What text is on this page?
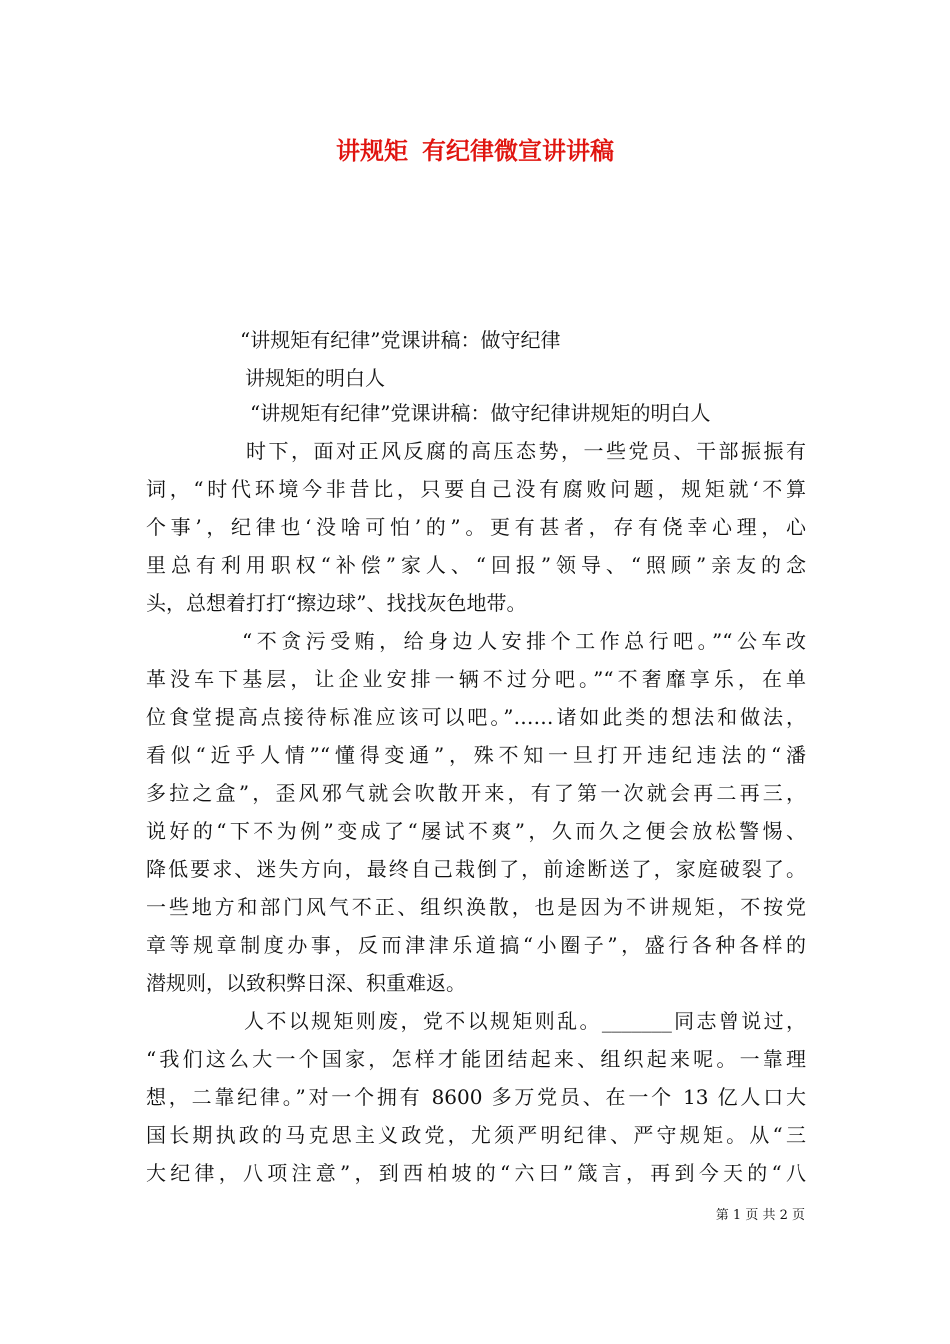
讲规矩 有纪律微宣讲讲稿
“讲规矩有纪律”党课讲稿：做守纪律
讲规矩的明白人
“讲规矩有纪律”党课讲稿：做守纪律讲规矩的明白人
时下，面对正风反腐的高压态势，一些党员、干部振振有
词，“时代环境今非昔比，只要自己没有腐败问题，规矩就‘不算
个事’，纪律也‘没啥可怕’的”。更有甚者，存有侥幸心理，心
里总有利用职权“补偿”家人、“回报”领导、“照顾”亲友的念
头，总想着打打“擦边球”、找找灰色地带。
“不贪污受贿，给身边人安排个工作总行吧。”“公车改
革没车下基层，让企业安排一辆不过分吧。”“不奢靡享乐，在单
位食堂提高点接待标准应该可以吧。”……诸如此类的想法和做法，
看似“近乎人情”“懂得变通”，殊不知一旦打开违纪违法的“潘
多拉之盒”，歪风邪气就会吹散开来，有了第一次就会再二再三，
说好的“下不为例”变成了“屡试不爽”，久而久之便会放松警惕、
降低要求、迷失方向，最终自己栽倒了，前途断送了，家庭破裂了。
一些地方和部门风气不正、组织涣散，也是因为不讲规矩，不按党
章等规章制度办事，反而津津乐道搞“小圈子”，盛行各种各样的
潜规则，以致积弊日深、积重难返。
人不以规矩则废，党不以规矩则乱。_______同志曾说过，
“我们这么大一个国家，怎样才能团结起来、组织起来呢。一靠理
想，二靠纪律。”对一个拥有 8600 多万党员、在一个 13 亿人口大
国长期执政的马克思主义政党，尤须严明纪律、严守规矩。从“三
大纪律，八项注意”，到西柏坡的“六曰”箴言，再到今天的“八
第 1 页 共 2 页
